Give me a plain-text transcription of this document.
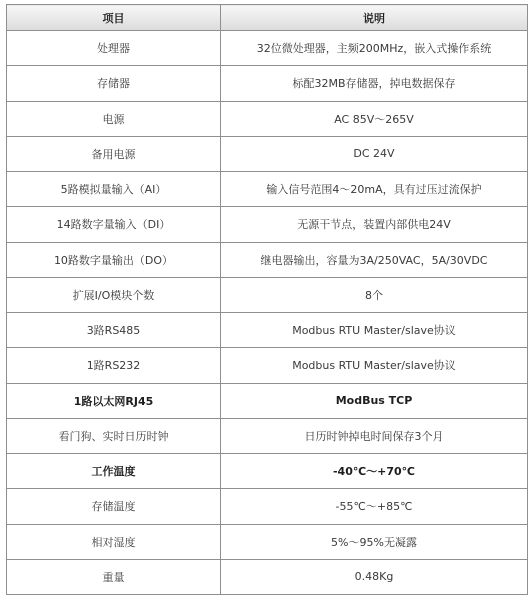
项目	说明
处理器	32位微处理器，主频200MHz，嵌入式操作系统
存储器	标配32MB存储器，掉电数据保存
电源	AC 85V～265V
备用电源	DC 24V
5路模拟量输入（AI）	输入信号范围4～20mA，具有过压过流保护
14路数字量输入（DI）	无源干节点，装置内部供电24V
10路数字量输出（DO）	继电器输出，容量为3A/250VAC，5A/30VDC
扩展I/O模块个数	8个
3路RS485	Modbus RTU Master/slave协议
1路RS232	Modbus RTU Master/slave协议
1路以太网RJ45	ModBus TCP
看门狗、实时日历时钟	日历时钟掉电时间保存3个月
工作温度	-40℃～+70℃
存储温度	-55℃～+85℃
相对湿度	5%～95%无凝露
重量	0.48Kg
